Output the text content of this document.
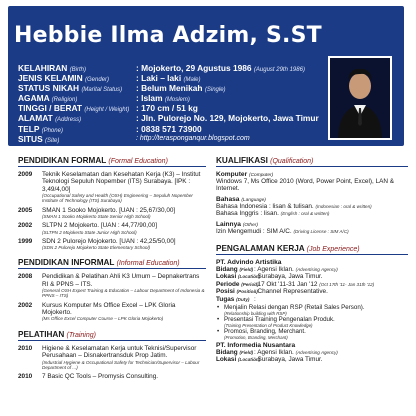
Hebbie Ilma Adzim, S.ST
KELAHIRAN (Birth)	: Mojokerto, 29 Agustus 1986 (August 29th 1986)
JENIS KELAMIN (Gender)	: Laki – laki (Male)
STATUS NIKAH (Marital Status)	: Belum Menikah (Single)
AGAMA (Religion)	: Islam (Moslem)
TINGGI / BERAT (Height / Weight) : 170 cm / 51 kg
ALAMAT (Address)	: Jln. Pulorejo No. 129, Mojokerto, Jawa Timur
TELP (Phone)	: 0838 571 73900
SITUS (Site)	: http://terasponganqur.blogspot.com
PENDIDIKAN FORMAL (Formal Education)
2009	Teknik Keselamatan dan Kesehatan Kerja (K3) – Institut Teknologi Sepuluh Nopember (ITS) Surabaya. [IPK : 3,49/4,00]
(Occupational Safety and Health (OSH) Engineering – Sepuluh Nopember Institute of Technology (ITS) Surabaya)
2005	SMAN 1 Sooko Mojokerto. [UAN : 25,67/30,00]
(SMAN 1 Sooko Mojokerto State Senior High School)
2002	SLTPN 2 Mojokerto. [UAN : 44,77/90,00]
(SLTPN 2 Mojokerto State Junior High School)
1999	SDN 2 Pulorejo Mojokerto. [UAN : 42,25/50,00]
(SDN 2 Pulorejo Mojokerto State Elementary School)
PENDIDIKAN INFORMAL (Informal Education)
2008	Pendidikan & Pelatihan Ahli K3 Umum – Depnakertrans RI & PPNS – ITS.
(General OSH Expert Training & Education – Labour Department of Indonesia & PPNS – ITS)
2002	Kursus Komputer Ms Office Excel – LPK Gloria Mojokerto.
(Ms Office Excel Computer Course – LPK Gloria Mojokerto)
PELATIHAN (Training)
2010	Higiene & Keselamatan Kerja untuk Teknisi/Supervisor Perusahaan – Disnakertransduk Prop Jatim.
(Industrial Hygiene & Occupational Safety for Technician/Supervisor – Labour Department of ...)
2010	7 Basic QC Tools – Promysis Consulting.
KUALIFIKASI (Qualification)
Komputer (Computer)
Windows 7, Ms Office 2010 (Word, Power Point, Excel), LAN & Internet.
Bahasa (Language)
Bahasa Indonesia : lisan & tulisan. (Indonesian : oral & written)
Bahasa Inggris : lisan. (English : oral & written)
Lainnya (Other)
Izin Mengemudi : SIM A/C. (Driving License : SIM A/C)
PENGALAMAN KERJA (Job Experience)
PT. Advindo Artistika
Bidang (Field) : Agensi Iklan. (Advertising Agency)
Lokasi (Location)
: Surabaya, Jawa Timur.
Periode (Period)
: 17 Okt '11-31 Jan '12 (Oct 17th '11- Jan 31th '12)
Posisi (Position)
: Channel Representative.
Tugas (Duty) :
• Menjalin Relasi dengan RSP (Retail Sales Person).
(Relationship building with RSP)
• Presentasi Training Pengenalan Produk.
(Training Presentation of Product Knowledge)
• Promosi, Branding, Merchant.
(Promotion, Branding, Merchant)
PT. Informedia Nusantara
Bidang (Field) : Agensi Iklan. (Advertising Agency)
Lokasi (Location)
: Surabaya, Jawa Timur.
